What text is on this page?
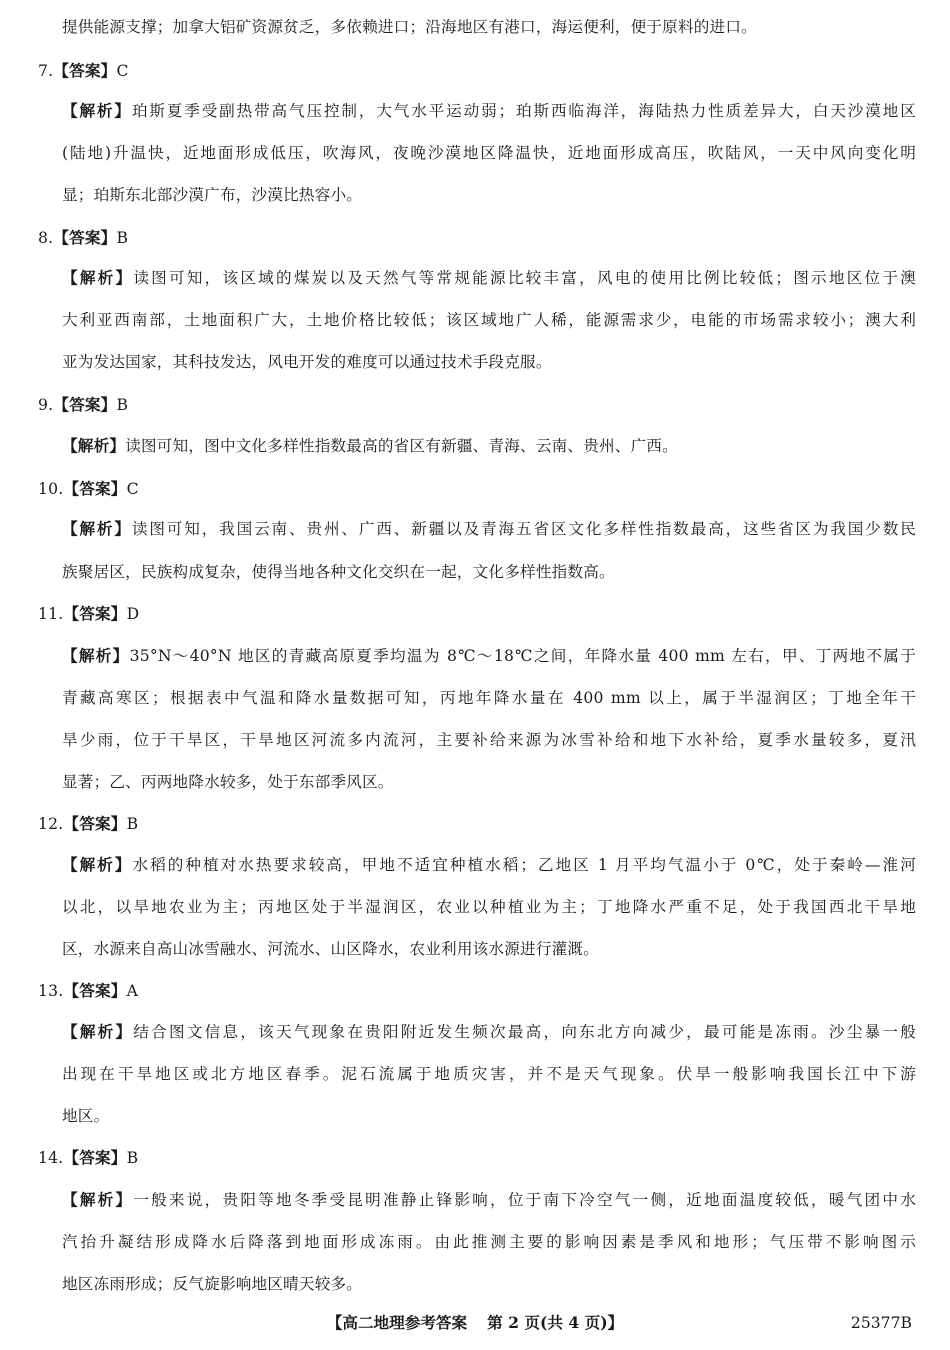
提供能源支撑；加拿大铝矿资源贫乏，多依赖进口；沿海地区有港口，海运便利，便于原料的进口。
7.【答案】C
【解析】珀斯夏季受副热带高气压控制，大气水平运动弱；珀斯西临海洋，海陆热力性质差异大，白天沙漠地区
(陆地)升温快，近地面形成低压，吹海风，夜晚沙漠地区降温快，近地面形成高压，吹陆风，一天中风向变化明
显；珀斯东北部沙漠广布，沙漠比热容小。
8.【答案】B
【解析】读图可知，该区域的煤炭以及天然气等常规能源比较丰富，风电的使用比例比较低；图示地区位于澳
大利亚西南部，土地面积广大，土地价格比较低；该区域地广人稀，能源需求少，电能的市场需求较小；澳大利
亚为发达国家，其科技发达，风电开发的难度可以通过技术手段克服。
9.【答案】B
【解析】读图可知，图中文化多样性指数最高的省区有新疆、青海、云南、贵州、广西。
10.【答案】C
【解析】读图可知，我国云南、贵州、广西、新疆以及青海五省区文化多样性指数最高，这些省区为我国少数民
族聚居区，民族构成复杂，使得当地各种文化交织在一起，文化多样性指数高。
11.【答案】D
【解析】35°N～40°N 地区的青藏高原夏季均温为 8℃～18℃之间，年降水量 400 mm 左右，甲、丁两地不属于
青藏高寒区；根据表中气温和降水量数据可知，丙地年降水量在 400 mm 以上，属于半湿润区；丁地全年干
旱少雨，位于干旱区，干旱地区河流多内流河，主要补给来源为冰雪补给和地下水补给，夏季水量较多，夏汛
显著；乙、丙两地降水较多，处于东部季风区。
12.【答案】B
【解析】水稻的种植对水热要求较高，甲地不适宜种植水稻；乙地区 1 月平均气温小于 0℃，处于秦岭—淮河
以北，以旱地农业为主；丙地区处于半湿润区，农业以种植业为主；丁地降水严重不足，处于我国西北干旱地
区，水源来自高山冰雪融水、河流水、山区降水，农业利用该水源进行灌溉。
13.【答案】A
【解析】结合图文信息，该天气现象在贵阳附近发生频次最高，向东北方向减少，最可能是冻雨。沙尘暴一般
出现在干旱地区或北方地区春季。泥石流属于地质灾害，并不是天气现象。伏旱一般影响我国长江中下游
地区。
14.【答案】B
【解析】一般来说，贵阳等地冬季受昆明准静止锋影响，位于南下冷空气一侧，近地面温度较低，暖气团中水
汽抬升凝结形成降水后降落到地面形成冻雨。由此推测主要的影响因素是季风和地形；气压带不影响图示
地区冻雨形成；反气旋影响地区晴天较多。
【高二地理参考答案 第 2 页(共 4 页)】	25377B
